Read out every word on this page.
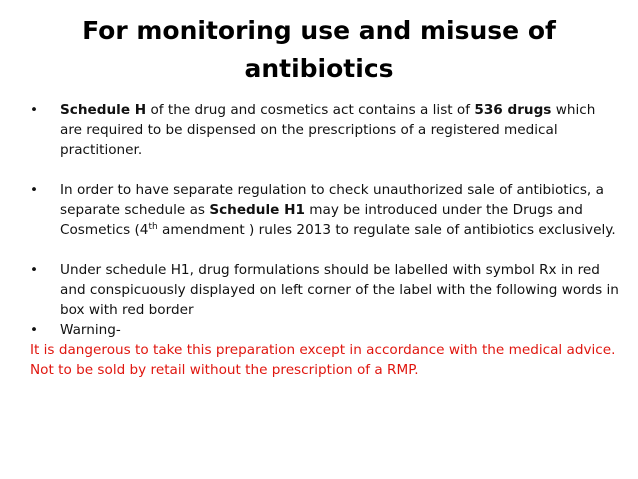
For monitoring use and misuse of
antibiotics
• Schedule H of the drug and cosmetics act contains a list of 536 drugs which are required to be dispensed on the prescriptions of a registered medical practitioner.
• In order to have separate regulation to check unauthorized sale of antibiotics, a separate schedule as Schedule H1 may be introduced under the Drugs and Cosmetics (4th amendment ) rules 2013 to regulate sale of antibiotics exclusively.
• Under schedule H1, drug formulations should be labelled with symbol Rx in red and conspicuously displayed on left corner of the label with the following words in box with red border
• Warning-
It is dangerous to take this preparation except in accordance with the medical advice.
Not to be sold by retail without the prescription of a RMP.
